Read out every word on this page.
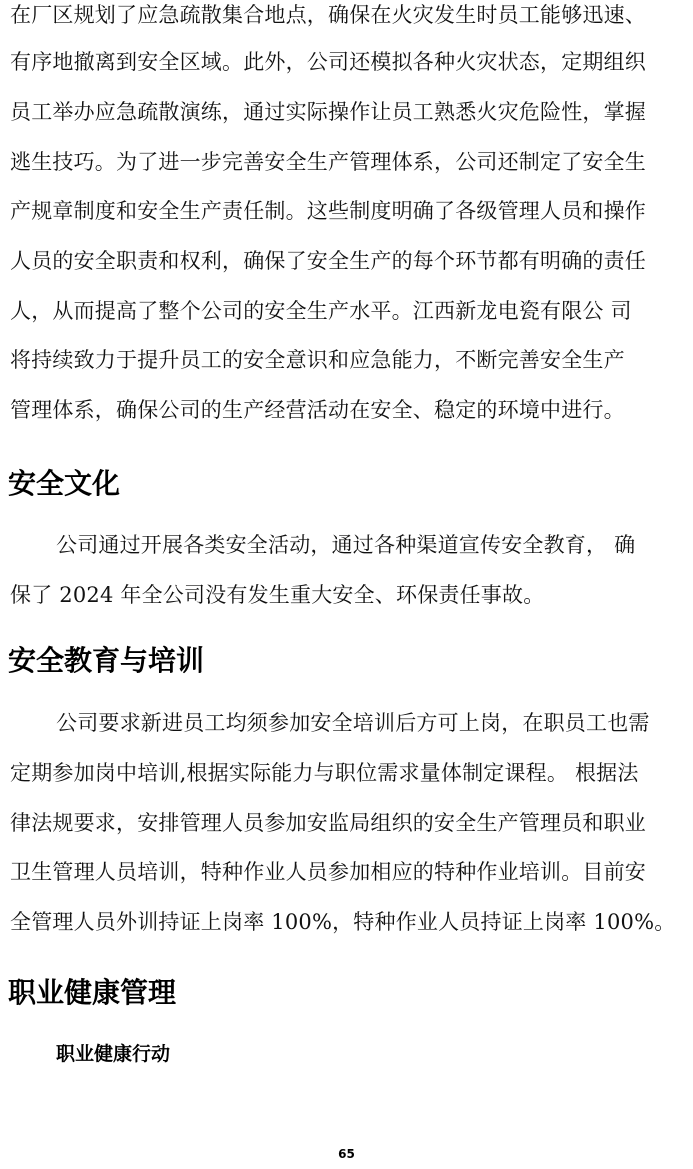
在厂区规划了应急疏散集合地点，确保在火灾发生时员工能够迅速、
有序地撤离到安全区域。此外，公司还模拟各种火灾状态，定期组织
员工举办应急疏散演练，通过实际操作让员工熟悉火灾危险性，掌握
逃生技巧。为了进一步完善安全生产管理体系，公司还制定了安全生
产规章制度和安全生产责任制。这些制度明确了各级管理人员和操作
人员的安全职责和权利，确保了安全生产的每个环节都有明确的责任
人，从而提高了整个公司的安全生产水平。江西新龙电瓷有限公 司
将持续致力于提升员工的安全意识和应急能力，不断完善安全生产
管理体系，确保公司的生产经营活动在安全、稳定的环境中进行。
安全文化
公司通过开展各类安全活动，通过各种渠道宣传安全教育， 确
保了 2024 年全公司没有发生重大安全、环保责任事故。
安全教育与培训
公司要求新进员工均须参加安全培训后方可上岗，在职员工也需
定期参加岗中培训,根据实际能力与职位需求量体制定课程。 根据法
律法规要求，安排管理人员参加安监局组织的安全生产管理员和职业
卫生管理人员培训，特种作业人员参加相应的特种作业培训。目前安
全管理人员外训持证上岗率 100%，特种作业人员持证上岗率 100%。
职业健康管理
职业健康行动
65
